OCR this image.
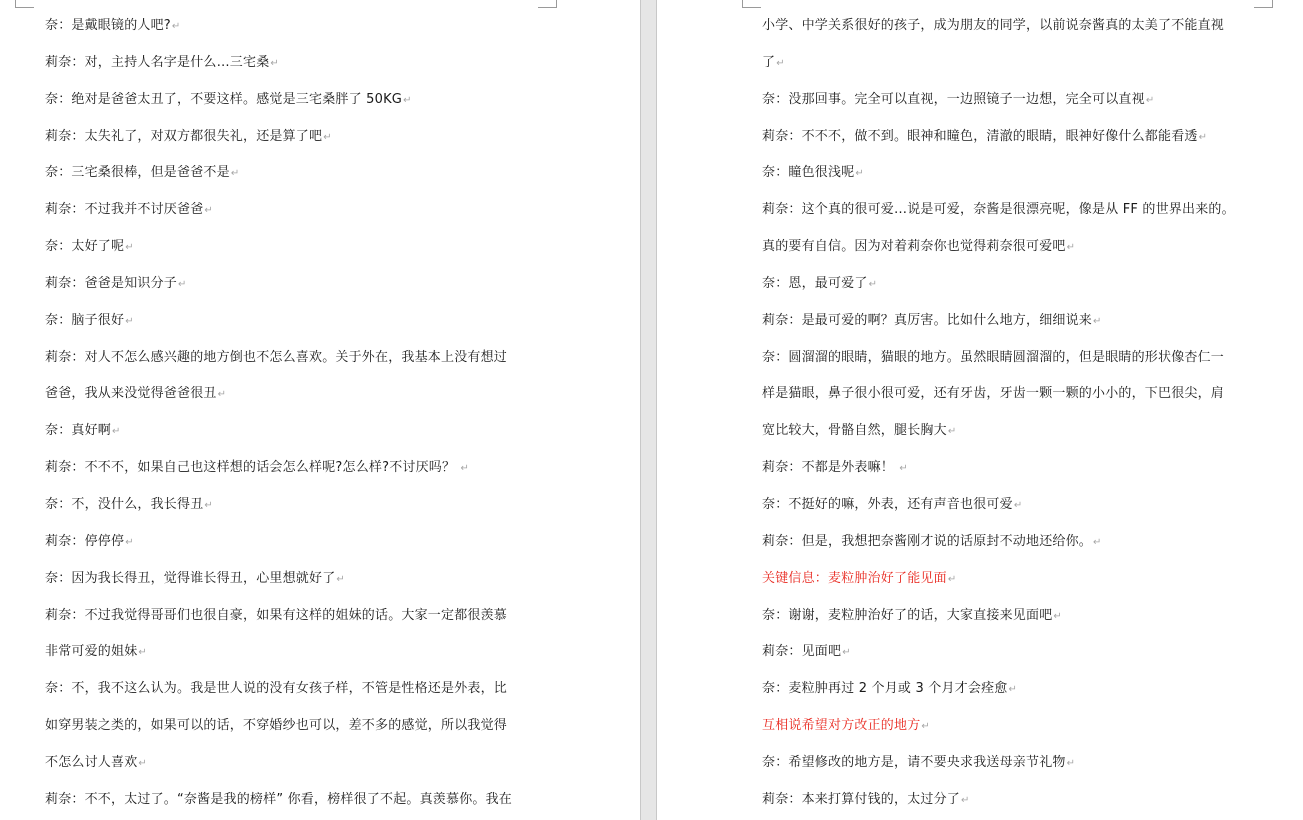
奈：是戴眼镜的人吧?↵
莉奈：对，主持人名字是什么…三宅桑↵
奈：绝对是爸爸太丑了，不要这样。感觉是三宅桑胖了 50KG↵
莉奈：太失礼了，对双方都很失礼，还是算了吧↵
奈：三宅桑很棒，但是爸爸不是↵
莉奈：不过我并不讨厌爸爸↵
奈：太好了呢↵
莉奈：爸爸是知识分子↵
奈：脑子很好↵
莉奈：对人不怎么感兴趣的地方倒也不怎么喜欢。关于外在，我基本上没有想过
爸爸，我从来没觉得爸爸很丑↵
奈：真好啊↵
莉奈：不不不，如果自己也这样想的话会怎么样呢?怎么样?不讨厌吗？ ↵
奈：不，没什么，我长得丑↵
莉奈：停停停↵
奈：因为我长得丑，觉得谁长得丑，心里想就好了↵
莉奈：不过我觉得哥哥们也很自豪，如果有这样的姐妹的话。大家一定都很羡慕
非常可爱的姐妹↵
奈：不，我不这么认为。我是世人说的没有女孩子样，不管是性格还是外表，比
如穿男装之类的，如果可以的话，不穿婚纱也可以，差不多的感觉，所以我觉得
不怎么讨人喜欢↵
莉奈：不不，太过了。“奈酱是我的榜样” 你看，榜样很了不起。真羡慕你。我在
小学、中学关系很好的孩子，成为朋友的同学，以前说奈酱真的太美了不能直视
了↵
奈：没那回事。完全可以直视，一边照镜子一边想，完全可以直视↵
莉奈：不不不，做不到。眼神和瞳色，清澈的眼睛，眼神好像什么都能看透↵
奈：瞳色很浅呢↵
莉奈：这个真的很可爱…说是可爱，奈酱是很漂亮呢，像是从 FF 的世界出来的。
真的要有自信。因为对着莉奈你也觉得莉奈很可爱吧↵
奈：恩，最可爱了↵
莉奈：是最可爱的啊？真厉害。比如什么地方，细细说来↵
奈：圆溜溜的眼睛，猫眼的地方。虽然眼睛圆溜溜的，但是眼睛的形状像杏仁一
样是猫眼，鼻子很小很可爱，还有牙齿，牙齿一颗一颗的小小的，下巴很尖，肩
宽比较大，骨骼自然，腿长胸大↵
莉奈：不都是外表嘛！ ↵
奈：不挺好的嘛，外表，还有声音也很可爱↵
莉奈：但是，我想把奈酱刚才说的话原封不动地还给你。↵
关键信息：麦粒肿治好了能见面↵
奈：谢谢，麦粒肿治好了的话，大家直接来见面吧↵
莉奈：见面吧↵
奈：麦粒肿再过 2 个月或 3 个月才会痊愈↵
互相说希望对方改正的地方↵
奈：希望修改的地方是，请不要央求我送母亲节礼物↵
莉奈：本来打算付钱的，太过分了↵
